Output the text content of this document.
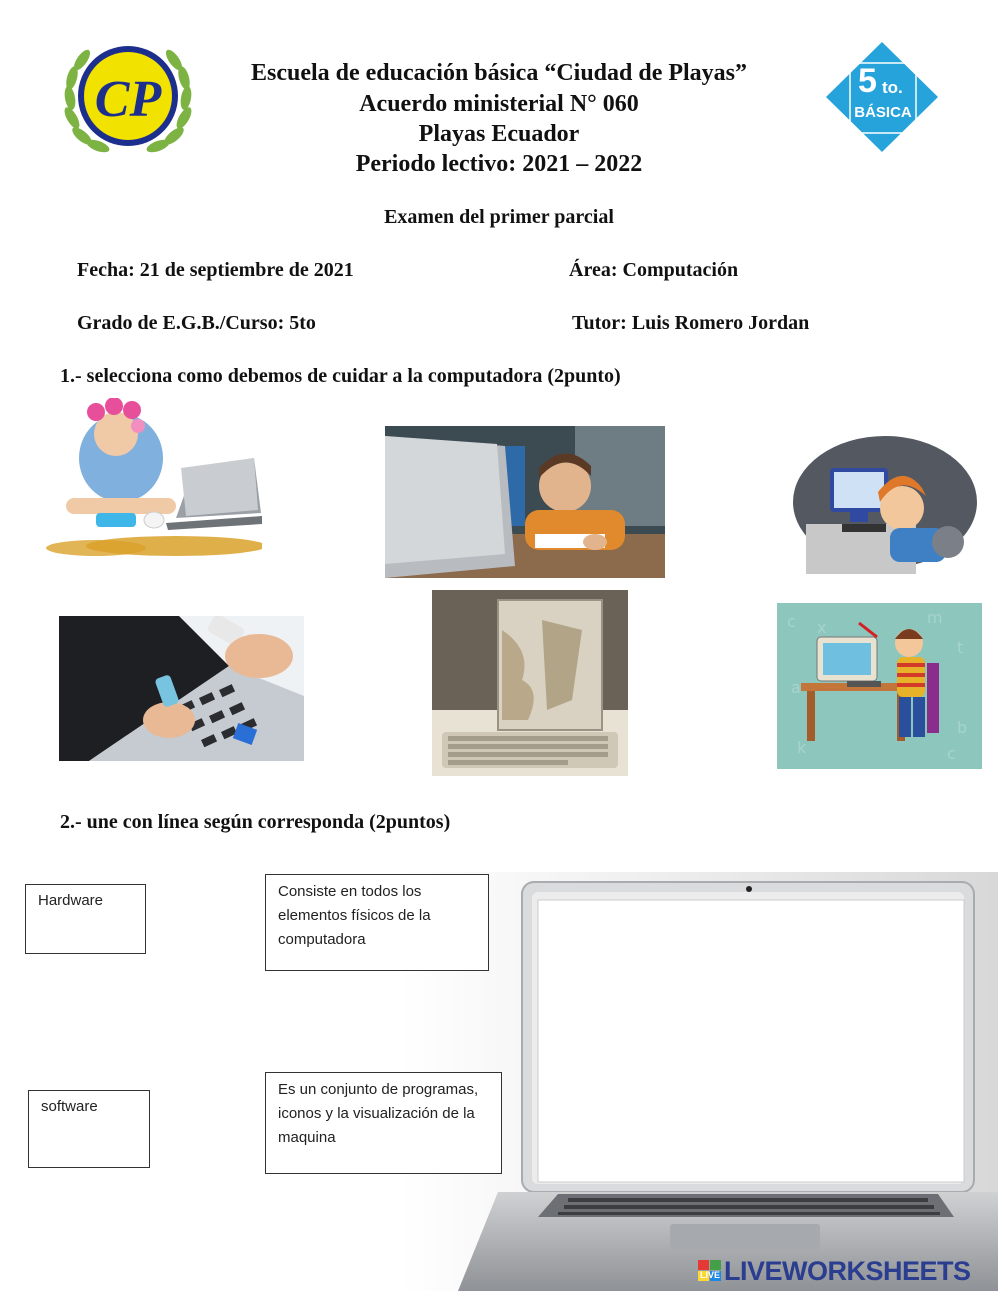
CP	Escuela de educación básica “Ciudad de Playas”
Acuerdo ministerial N° 060
Playas Ecuador
Periodo lectivo: 2021 – 2022
5 to.
BÁSICA
Examen del primer parcial
Fecha: 21 de septiembre de 2021	Área: Computación
Grado de E.G.B./Curso: 5to	Tutor: Luis Romero Jordan
1.- selecciona como debemos de cuidar a la computadora (2punto)
c x
m
t
a
b
k	c
2.- une con línea según corresponda (2puntos)
Hardware
software
Consiste en todos los elementos físicos de la computadora
Es un conjunto de programas, iconos y la visualización de la maquina
LIVE LIVEWORKSHEETS
